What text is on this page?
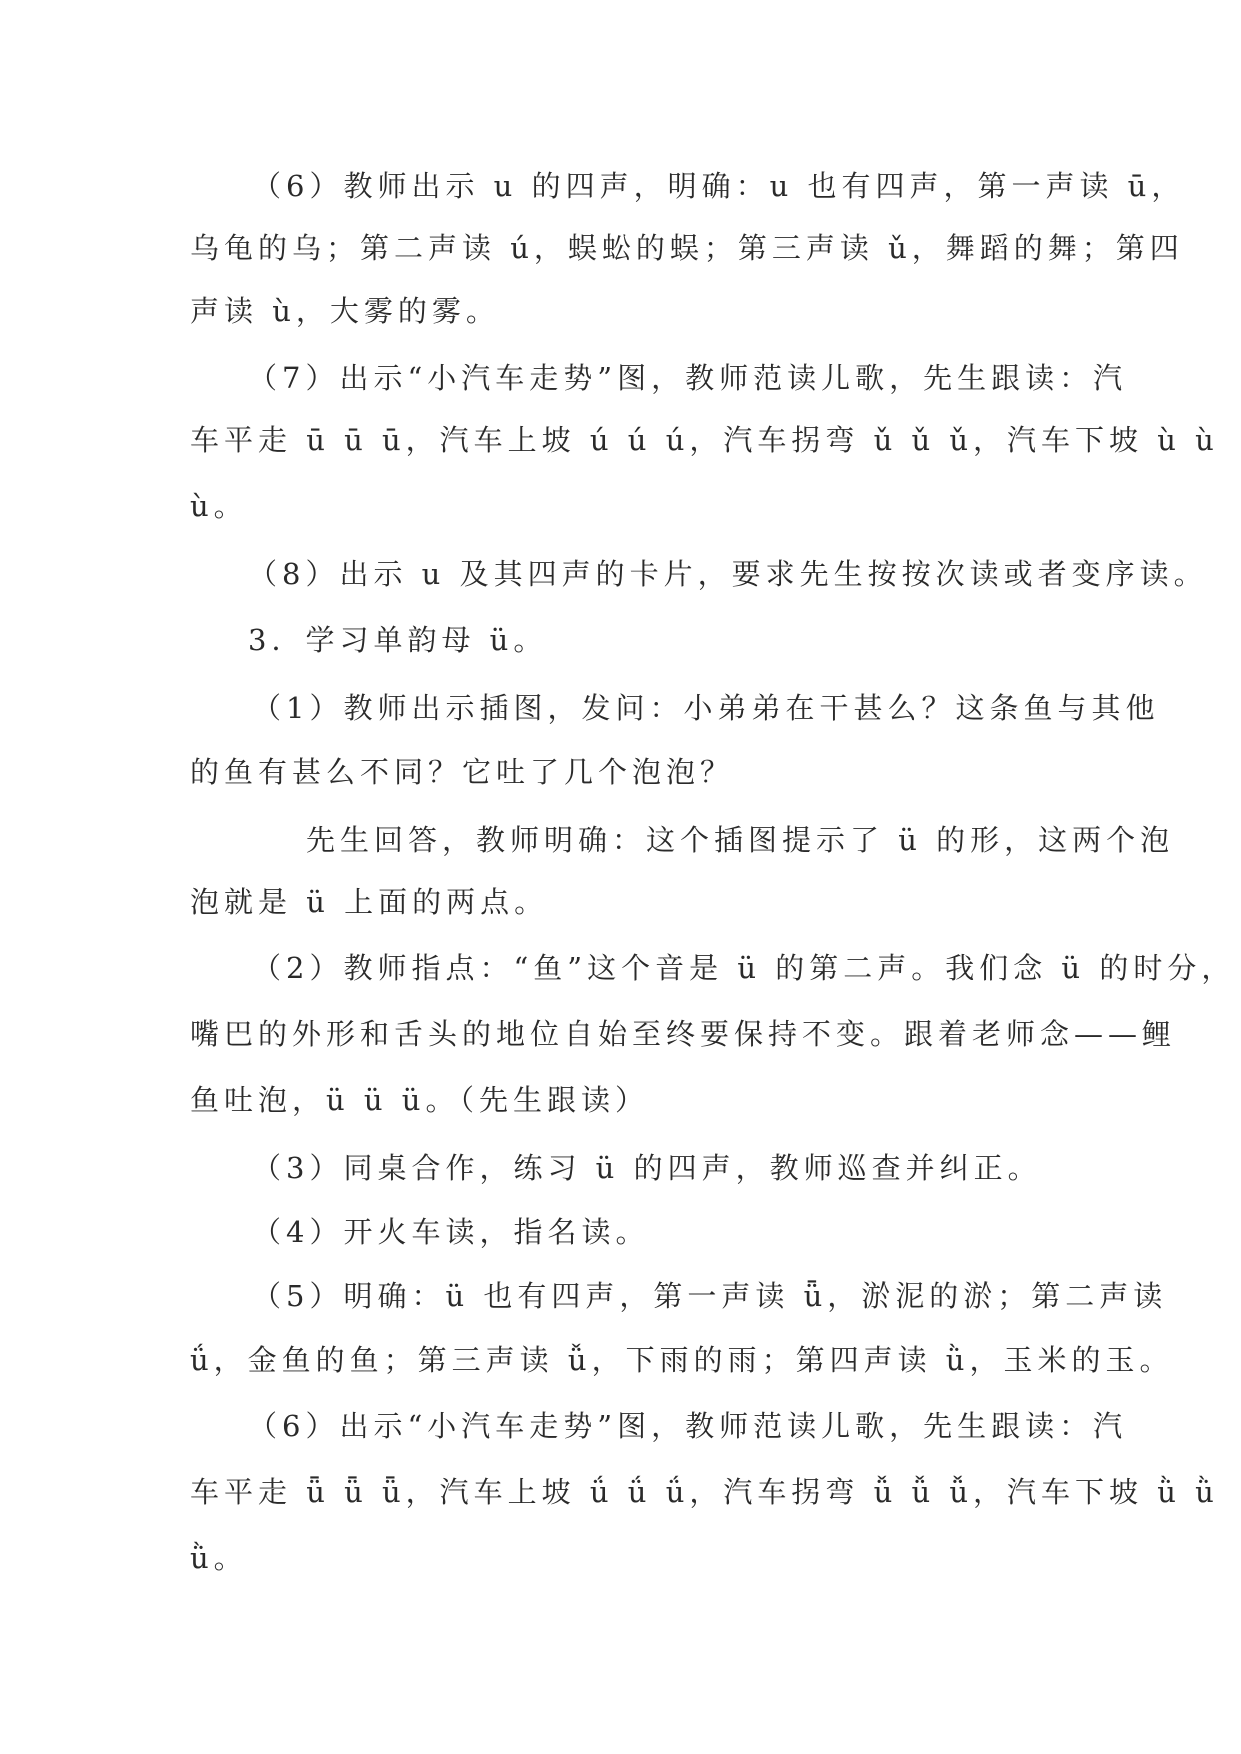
（6）教师出示 u 的四声，明确：u 也有四声，第一声读 ū，
乌龟的乌；第二声读 ú，蜈蚣的蜈；第三声读 ǔ，舞蹈的舞；第四
声读 ù，大雾的雾。
（7）出示“小汽车走势”图，教师范读儿歌，先生跟读：汽
车平走 ū ū ū，汽车上坡 ú ú ú，汽车拐弯 ǔ ǔ ǔ，汽车下坡 ù ù
ù。
（8）出示 u 及其四声的卡片，要求先生按按次读或者变序读。
3．学习单韵母 ü。
（1）教师出示插图，发问：小弟弟在干甚么？这条鱼与其他
的鱼有甚么不同？它吐了几个泡泡？
先生回答，教师明确：这个插图提示了 ü 的形，这两个泡
泡就是 ü 上面的两点。
（2）教师指点：“鱼”这个音是 ü 的第二声。我们念 ü 的时分，
嘴巴的外形和舌头的地位自始至终要保持不变。跟着老师念——鲤
鱼吐泡，ü ü ü。（先生跟读）
（3）同桌合作，练习 ü 的四声，教师巡查并纠正。
（4）开火车读，指名读。
（5）明确：ü 也有四声，第一声读 ǖ，淤泥的淤；第二声读
ǘ，金鱼的鱼；第三声读 ǚ，下雨的雨；第四声读 ǜ，玉米的玉。
（6）出示“小汽车走势”图，教师范读儿歌，先生跟读：汽
车平走 ǖ ǖ ǖ，汽车上坡 ǘ ǘ ǘ，汽车拐弯 ǚ ǚ ǚ，汽车下坡 ǜ ǜ
ǜ。
